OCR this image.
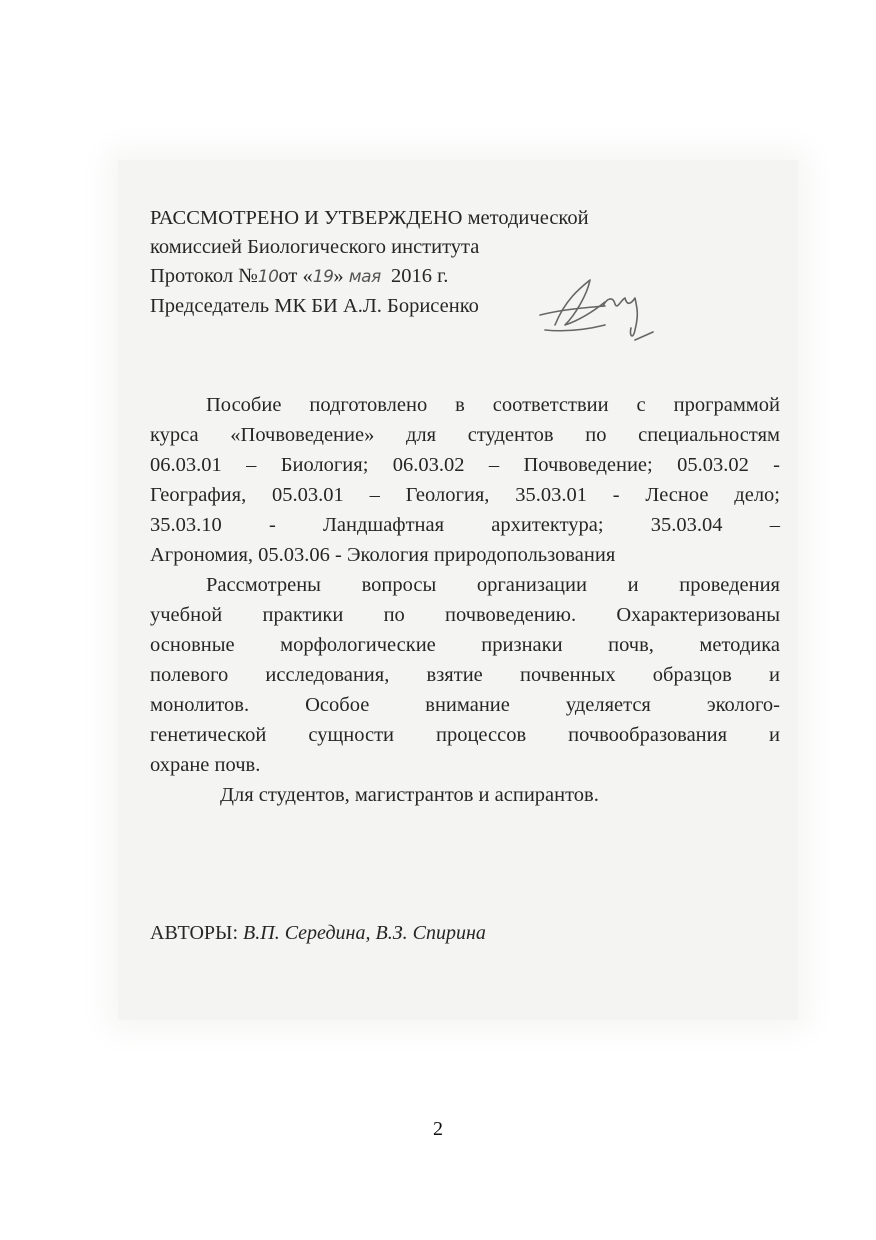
РАССМОТРЕНО И УТВЕРЖДЕНО методической
комиссией Биологического института
Протокол №10от «19» мая 2016 г.
Председатель МК БИ А.Л. Борисенко

Пособие подготовлено в соответствии с программой

курса «Почвоведение» для студентов по специальностям

06.03.01 – Биология; 06.03.02 – Почвоведение; 05.03.02 -

География, 05.03.01 – Геология, 35.03.01 - Лесное дело;

35.03.10 - Ландшафтная архитектура; 35.03.04 –

Агрономия, 05.03.06 - Экология природопользования

Рассмотрены вопросы организации и проведения

учебной практики по почвоведению. Охарактеризованы

основные морфологические признаки почв, методика

полевого исследования, взятие почвенных образцов и

монолитов. Особое внимание уделяется эколого-

генетической сущности процессов почвообразования и

охране почв.

Для студентов, магистрантов и аспирантов.

АВТОРЫ: В.П. Середина, В.З. Спирина
2
